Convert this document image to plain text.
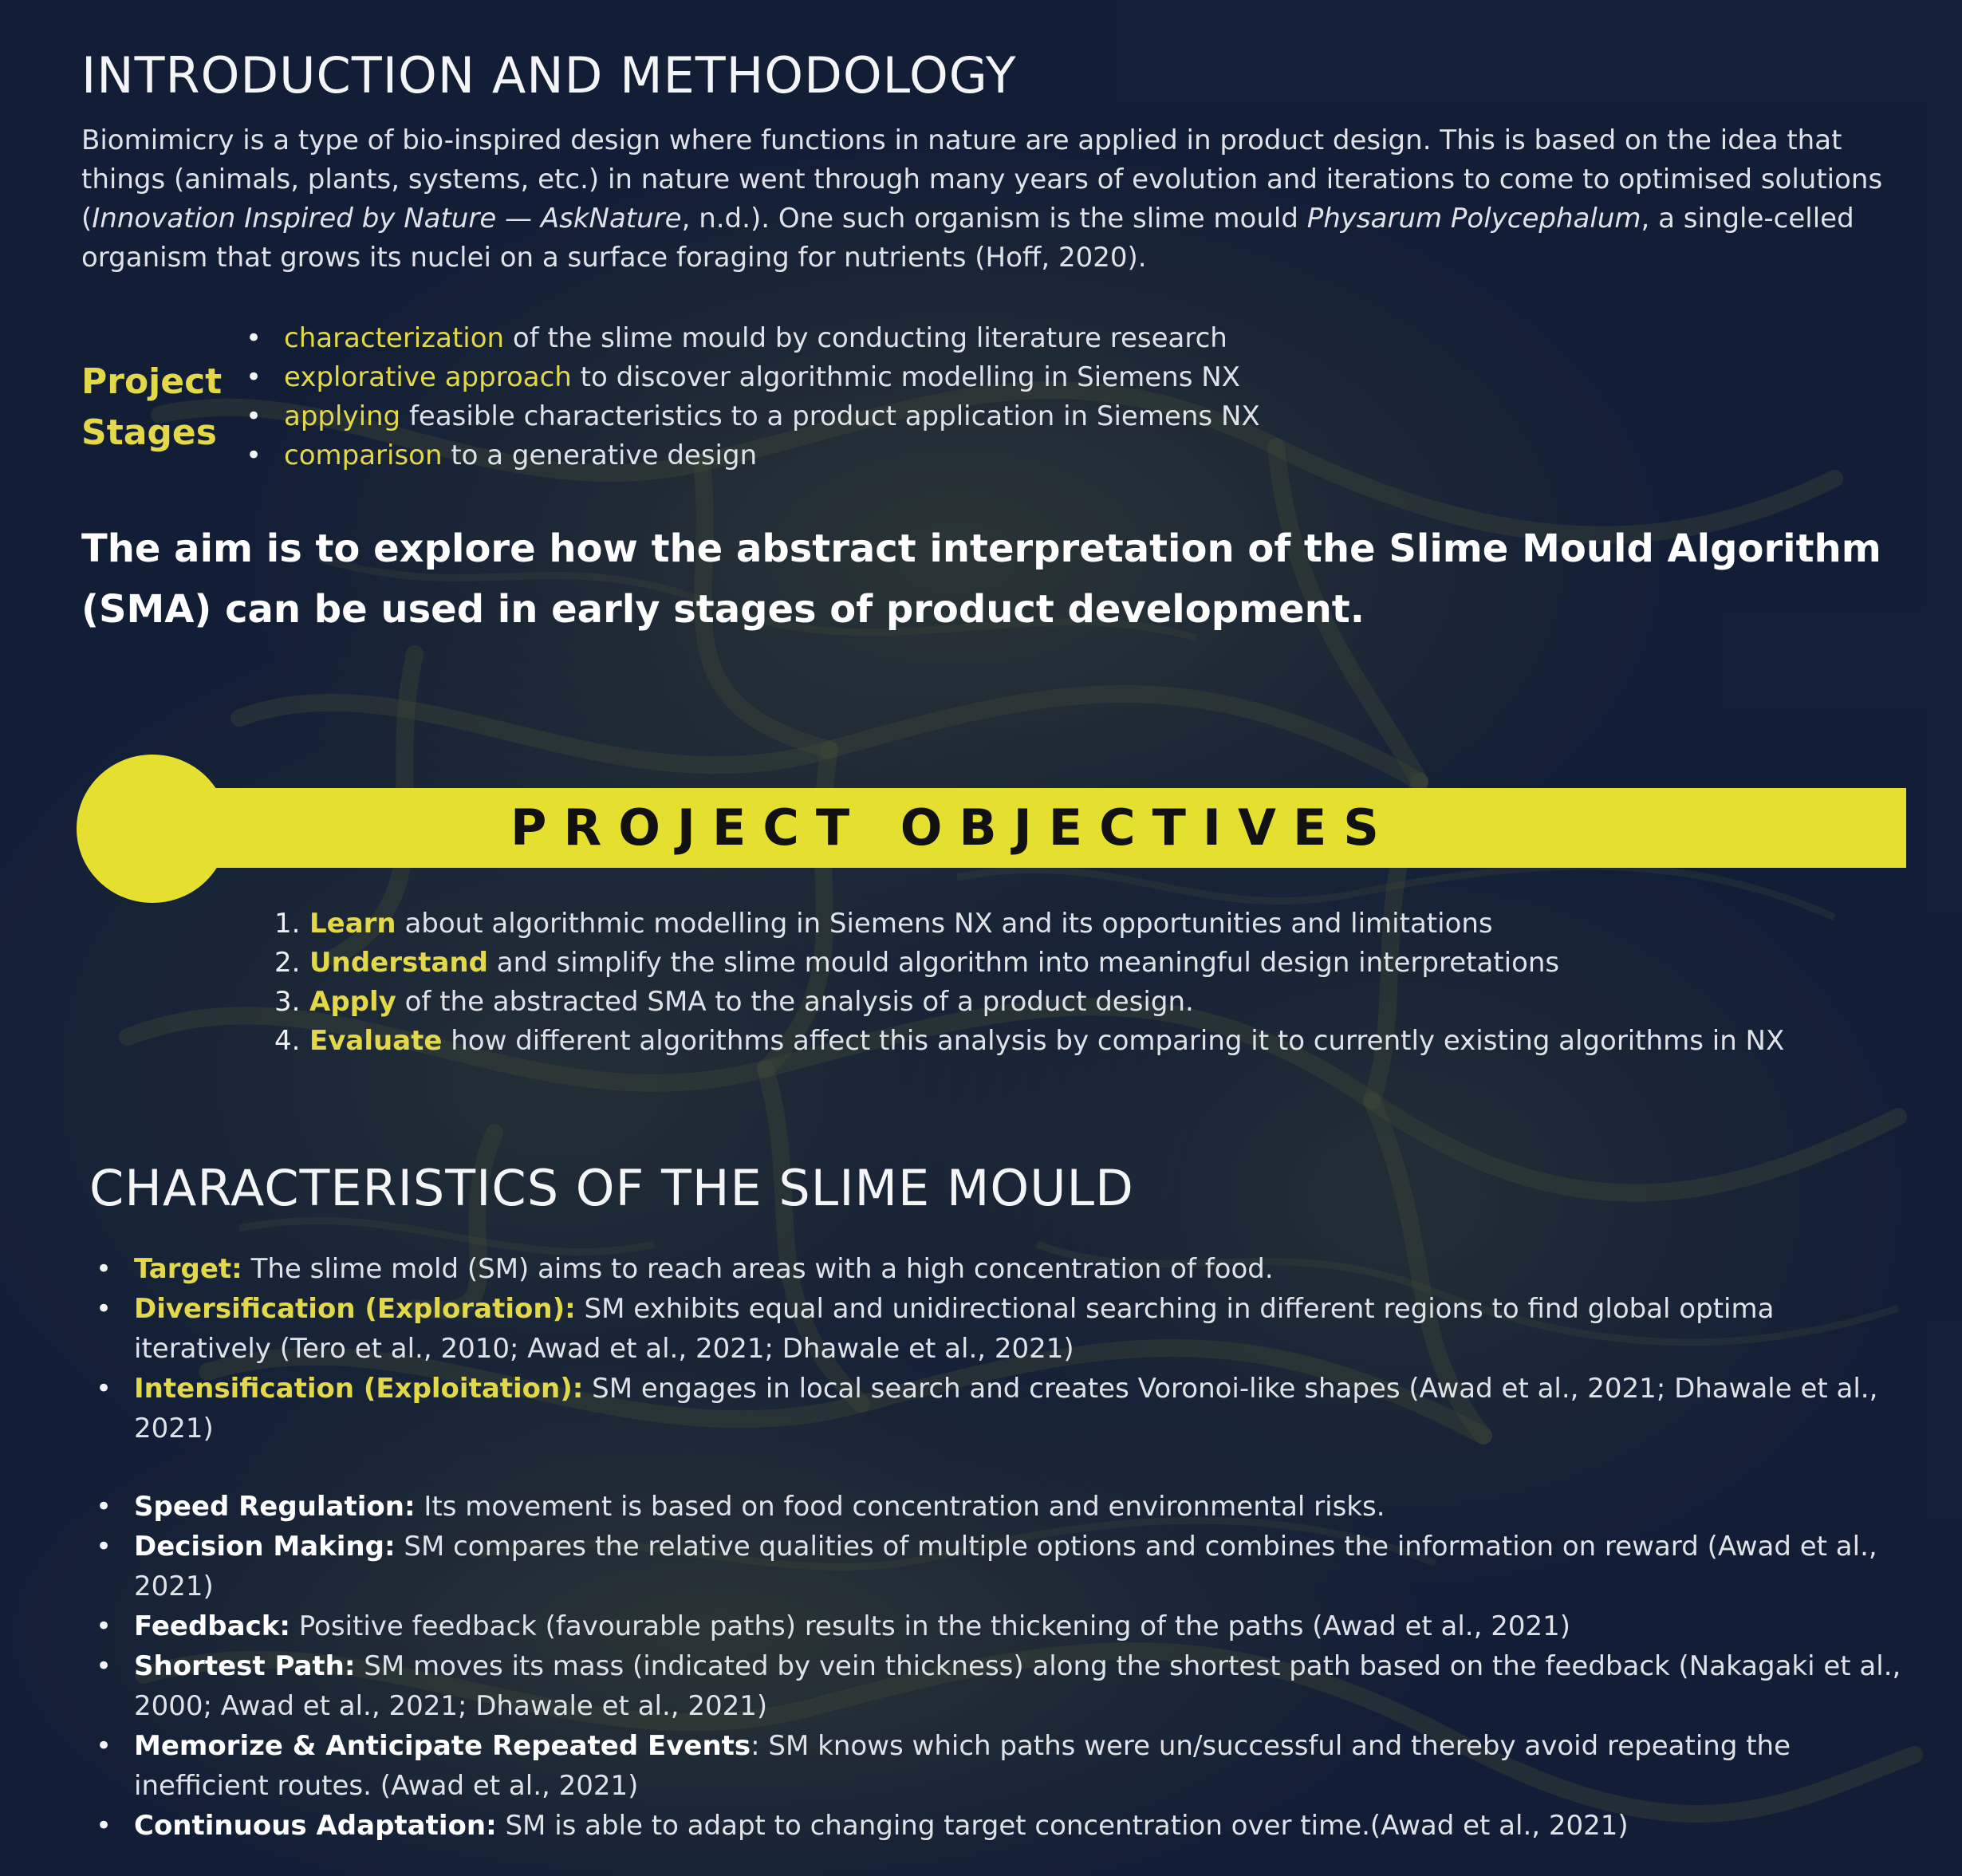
INTRODUCTION AND METHODOLOGY

Biomimicry is a type of bio-inspired design where functions in nature are applied in product design. This is based on the idea that things (animals, plants, systems, etc.) in nature went through many years of evolution and iterations to come to optimised solutions (Innovation Inspired by Nature — AskNature, n.d.). One such organism is the slime mould Physarum Polycephalum, a single-celled organism that grows its nuclei on a surface foraging for nutrients (Hoff, 2020).

Project
Stages
• characterization of the slime mould by conducting literature research
• explorative approach to discover algorithmic modelling in Siemens NX
• applying feasible characteristics to a product application in Siemens NX
• comparison to a generative design

The aim is to explore how the abstract interpretation of the Slime Mould Algorithm (SMA) can be used in early stages of product development.

PROJECT OBJECTIVES
1. Learn about algorithmic modelling in Siemens NX and its opportunities and limitations
2. Understand and simplify the slime mould algorithm into meaningful design interpretations
3. Apply of the abstracted SMA to the analysis of a product design.
4. Evaluate how different algorithms affect this analysis by comparing it to currently existing algorithms in NX
CHARACTERISTICS OF THE SLIME MOULD
• Target: The slime mold (SM) aims to reach areas with a high concentration of food.
• Diversification (Exploration): SM exhibits equal and unidirectional searching in different regions to find global optima iteratively (Tero et al., 2010; Awad et al., 2021; Dhawale et al., 2021)
• Intensification (Exploitation): SM engages in local search and creates Voronoi-like shapes (Awad et al., 2021; Dhawale et al., 2021)
• Speed Regulation: Its movement is based on food concentration and environmental risks.
• Decision Making: SM compares the relative qualities of multiple options and combines the information on reward (Awad et al., 2021)
• Feedback: Positive feedback (favourable paths) results in the thickening of the paths (Awad et al., 2021)
• Shortest Path: SM moves its mass (indicated by vein thickness) along the shortest path based on the feedback (Nakagaki et al., 2000; Awad et al., 2021; Dhawale et al., 2021)
• Memorize & Anticipate Repeated Events: SM knows which paths were un/successful and thereby avoid repeating the inefficient routes. (Awad et al., 2021)
• Continuous Adaptation: SM is able to adapt to changing target concentration over time.(Awad et al., 2021)
